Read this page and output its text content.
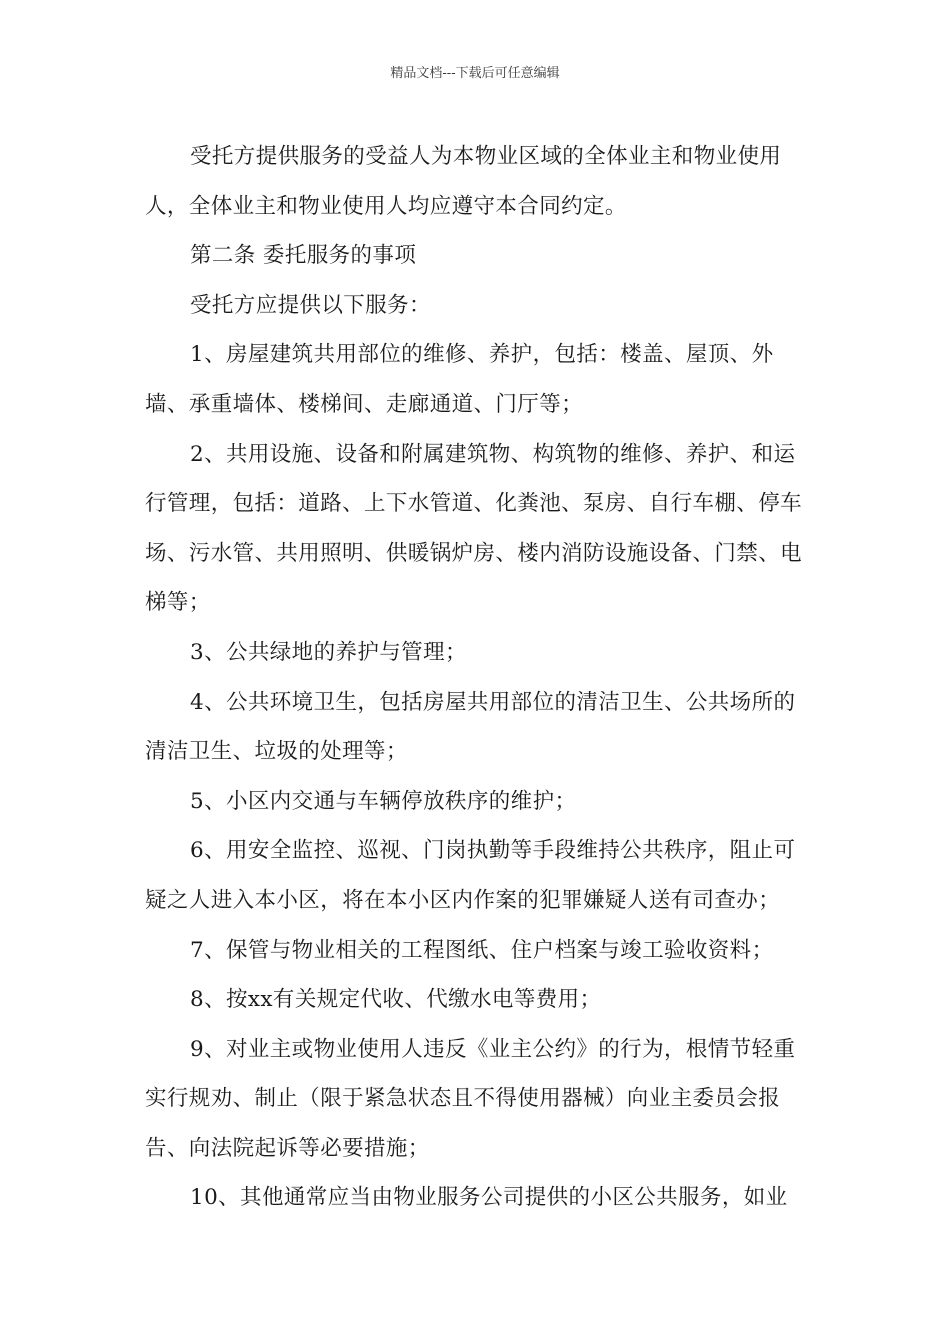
精品文档---下载后可任意编辑

受托方提供服务的受益人为本物业区域的全体业主和物业使用人，全体业主和物业使用人均应遵守本合同约定。

第二条 委托服务的事项

受托方应提供以下服务：

1、房屋建筑共用部位的维修、养护，包括：楼盖、屋顶、外墙、承重墙体、楼梯间、走廊通道、门厅等；

2、共用设施、设备和附属建筑物、构筑物的维修、养护、和运行管理，包括：道路、上下水管道、化粪池、泵房、自行车棚、停车场、污水管、共用照明、供暖锅炉房、楼内消防设施设备、门禁、电梯等；

3、公共绿地的养护与管理；

4、公共环境卫生，包括房屋共用部位的清洁卫生、公共场所的清洁卫生、垃圾的处理等；

5、小区内交通与车辆停放秩序的维护；

6、用安全监控、巡视、门岗执勤等手段维持公共秩序，阻止可疑之人进入本小区，将在本小区内作案的犯罪嫌疑人送有司查办；

7、保管与物业相关的工程图纸、住户档案与竣工验收资料；

8、按xx有关规定代收、代缴水电等费用；

9、对业主或物业使用人违反《业主公约》的行为，根情节轻重实行规劝、制止（限于紧急状态且不得使用器械）向业主委员会报告、向法院起诉等必要措施；

10、其他通常应当由物业服务公司提供的小区公共服务，如业
